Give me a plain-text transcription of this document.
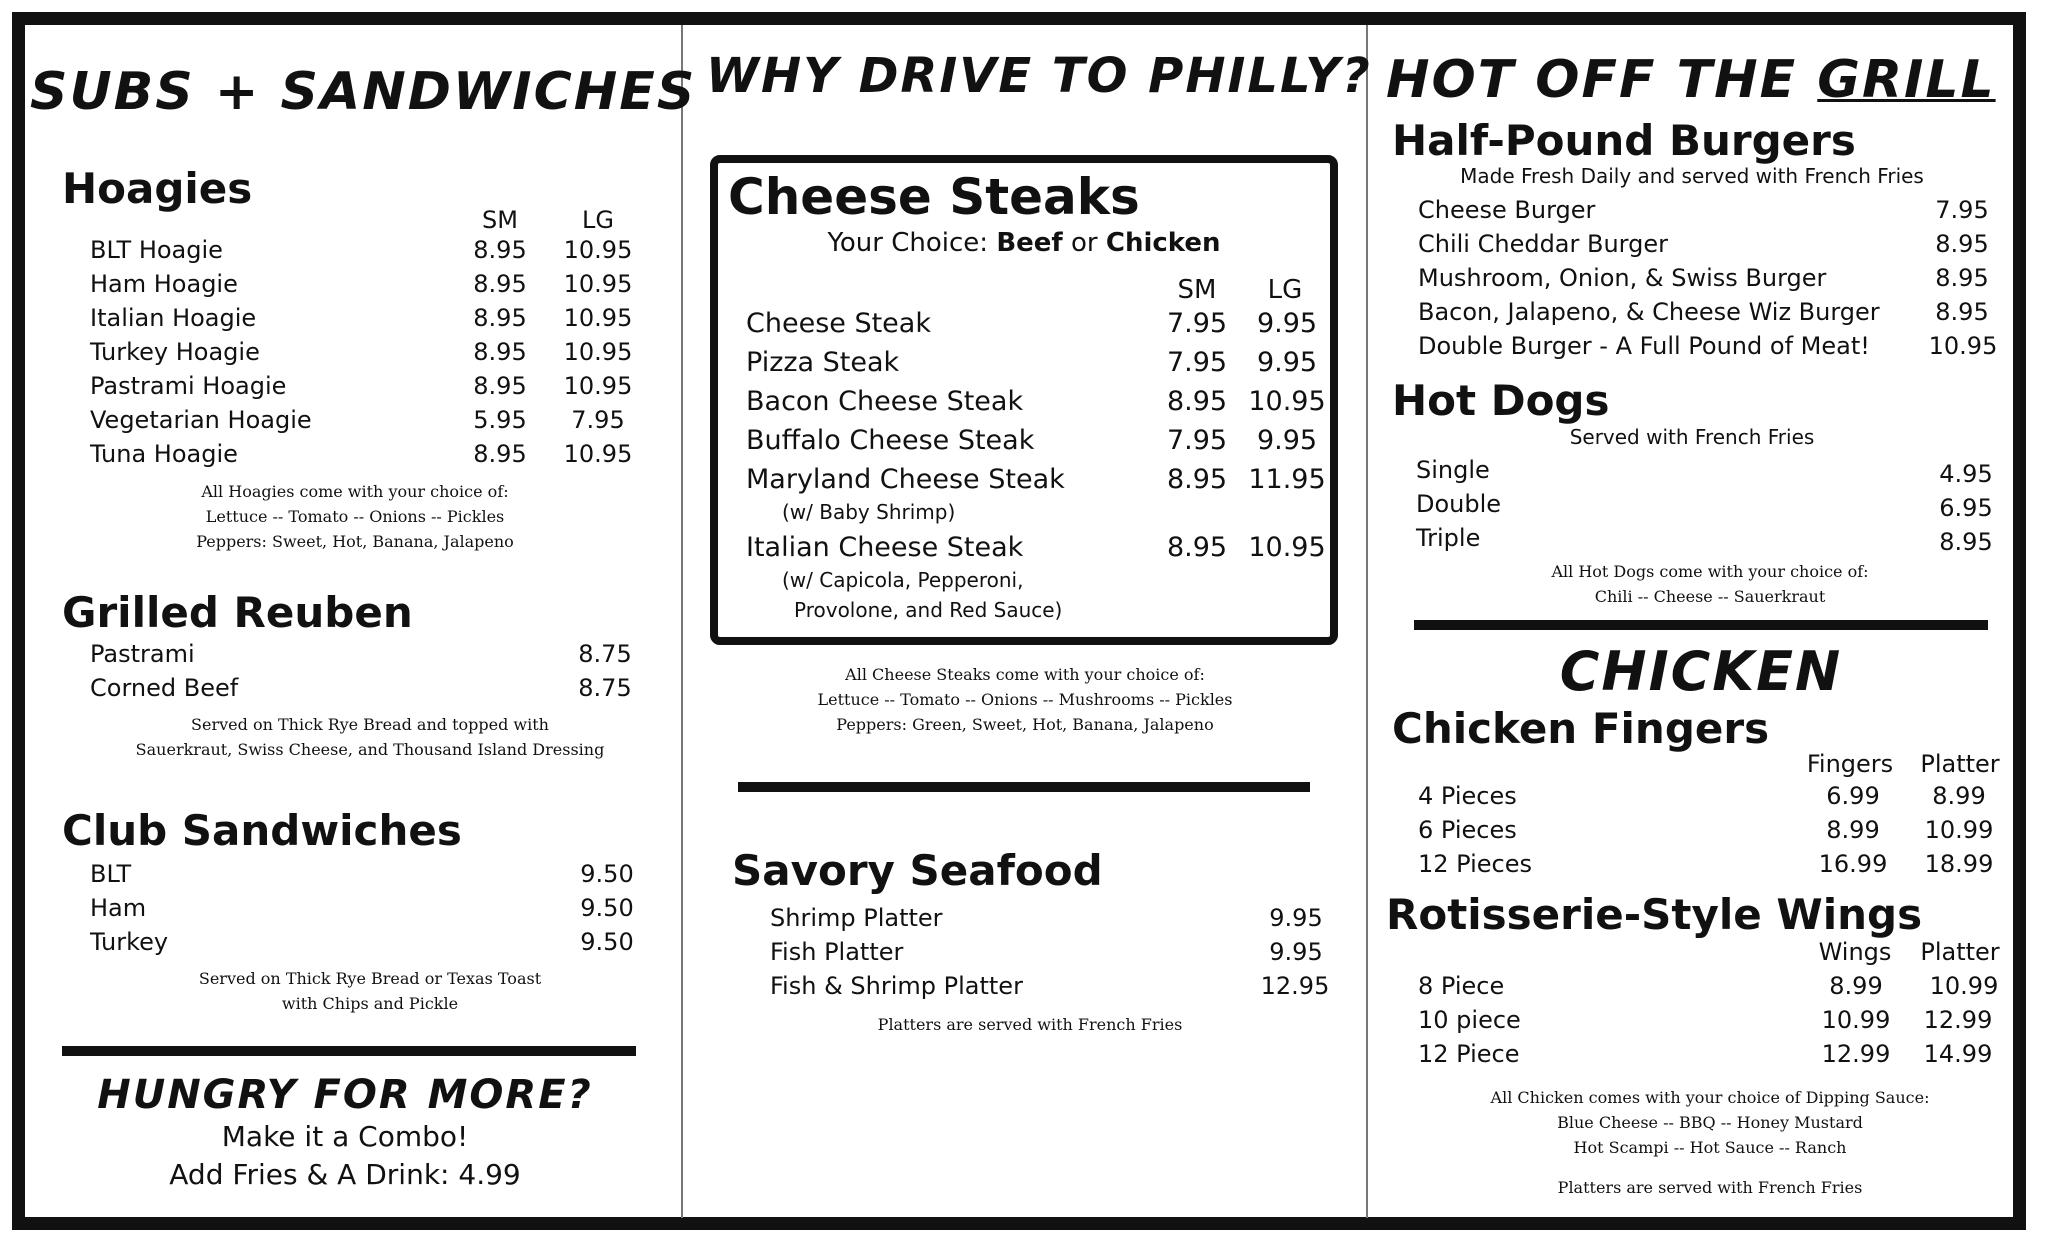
SUBS + SANDWICHES
Hoagies
SM	LG
BLT Hoagie	8.95	10.95
Ham Hoagie	8.95	10.95
Italian Hoagie	8.95	10.95
Turkey Hoagie	8.95	10.95
Pastrami Hoagie	8.95	10.95
Vegetarian Hoagie	5.95	7.95
Tuna Hoagie	8.95	10.95
All Hoagies come with your choice of:
Lettuce -- Tomato -- Onions -- Pickles
Peppers: Sweet, Hot, Banana, Jalapeno
Grilled Reuben
Pastrami	8.75
Corned Beef	8.75
Served on Thick Rye Bread and topped with
Sauerkraut, Swiss Cheese, and Thousand Island Dressing
Club Sandwiches
BLT	9.50
Ham	9.50
Turkey	9.50
Served on Thick Rye Bread or Texas Toast
with Chips and Pickle
HUNGRY FOR MORE?
Make it a Combo!
Add Fries & A Drink: 4.99
WHY DRIVE TO PHILLY?
Cheese Steaks
Your Choice: Beef or Chicken
SM	LG
Cheese Steak	7.95	9.95
Pizza Steak	7.95	9.95
Bacon Cheese Steak	8.95 10.95
Buffalo Cheese Steak	7.95	9.95
Maryland Cheese Steak	8.95 11.95
(w/ Baby Shrimp)
Italian Cheese Steak	8.95 10.95
(w/ Capicola, Pepperoni,
Provolone, and Red Sauce)
All Cheese Steaks come with your choice of:
Lettuce -- Tomato -- Onions -- Mushrooms -- Pickles
Peppers: Green, Sweet, Hot, Banana, Jalapeno
Savory Seafood
Shrimp Platter	9.95
Fish Platter	9.95
Fish & Shrimp Platter	12.95
Platters are served with French Fries
HOT OFF THE GRILL
Half-Pound Burgers
Made Fresh Daily and served with French Fries
Cheese Burger	7.95
Chili Cheddar Burger	8.95
Mushroom, Onion, & Swiss Burger	8.95
Bacon, Jalapeno, & Cheese Wiz Burger	8.95
Double Burger - A Full Pound of Meat!	10.95
Hot Dogs
Served with French Fries
Single	4.95
Double	6.95
Triple	8.95
All Hot Dogs come with your choice of:
Chili -- Cheese -- Sauerkraut
CHICKEN
Chicken Fingers
Fingers	Platter
4 Pieces	6.99	8.99
6 Pieces	8.99	10.99
12 Pieces	16.99	18.99
Rotisserie-Style Wings
Wings	Platter
8 Piece	8.99	10.99
10 piece	10.99	12.99
12 Piece	12.99	14.99
All Chicken comes with your choice of Dipping Sauce:
Blue Cheese -- BBQ -- Honey Mustard
Hot Scampi -- Hot Sauce -- Ranch
Platters are served with French Fries
